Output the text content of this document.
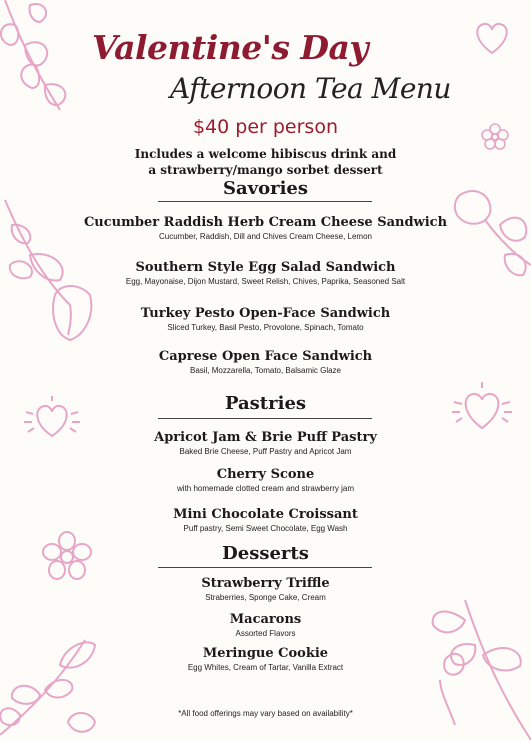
Valentine's Day
Afternoon Tea Menu
$40 per person
Includes a welcome hibiscus drink and
a strawberry/mango sorbet dessert
Savories
Cucumber Raddish Herb Cream Cheese Sandwich
Cucumber, Raddish, Dill and Chives Cream Cheese, Lemon
Southern Style Egg Salad Sandwich
Egg, Mayonaise, Dijon Mustard, Sweet Relish, Chives, Paprika, Seasoned Salt
Turkey Pesto Open-Face Sandwich
Sliced Turkey, Basil Pesto, Provolone, Spinach, Tomato
Caprese Open Face Sandwich
Basil, Mozzarella, Tomato, Balsamic Glaze
Pastries
Apricot Jam & Brie Puff Pastry
Baked Brie Cheese, Puff Pastry and Apricot Jam
Cherry Scone
with homemade clotted cream and strawberry jam
Mini Chocolate Croissant
Puff pastry, Semi Sweet Chocolate, Egg Wash
Desserts
Strawberry Triffle
Straberries, Sponge Cake, Cream
Macarons
Assorted Flavors
Meringue Cookie
Egg Whites, Cream of Tartar, Vanilla Extract
*All food offerings may vary based on availability*
